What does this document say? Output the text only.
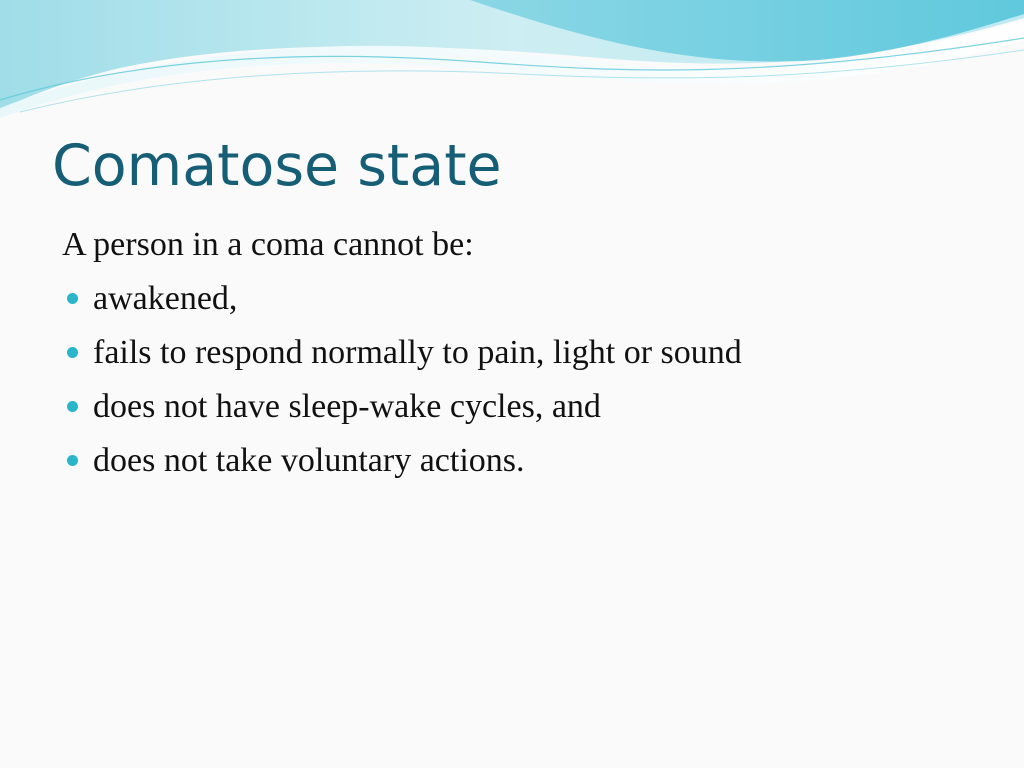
Comatose state

A person in a coma cannot be:

awakened,
fails to respond normally to pain, light or sound
does not have sleep-wake cycles, and
does not take voluntary actions.
